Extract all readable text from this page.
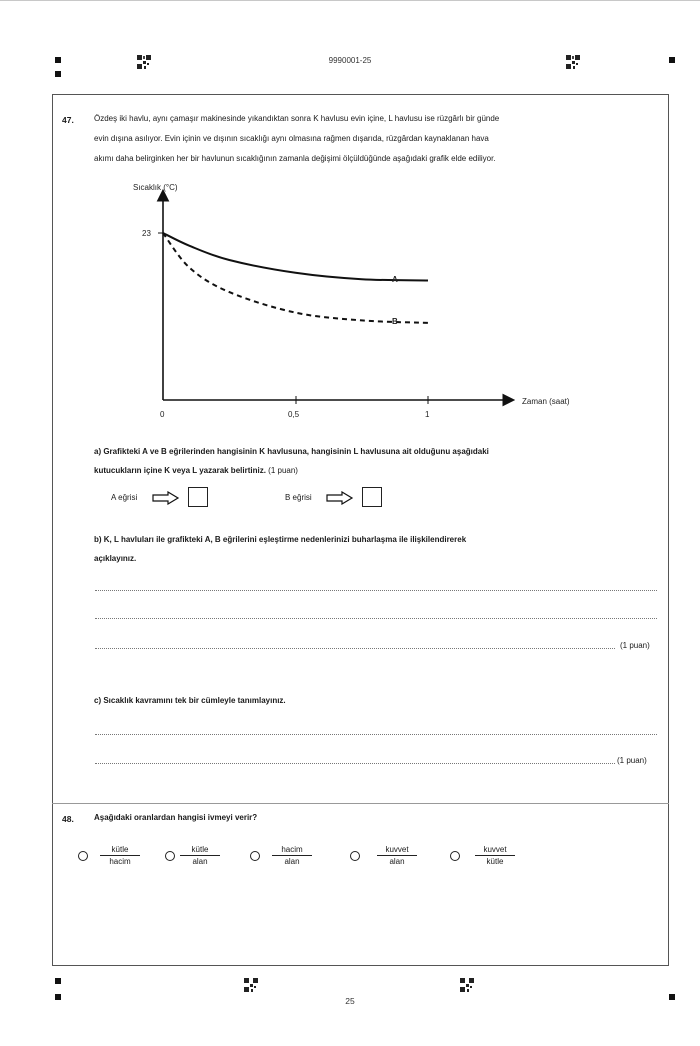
9990001-25
47.	Özdeş iki havlu, aynı çamaşır makinesinde yıkandıktan sonra K havlusu evin içine, L havlusu ise rüzgârlı bir günde
evin dışına asılıyor. Evin içinin ve dışının sıcaklığı aynı olmasına rağmen dışarıda, rüzgârdan kaynaklanan hava
akımı daha belirginken her bir havlunun sıcaklığının zamanla değişimi ölçüldüğünde aşağıdaki grafik elde ediliyor.
Sıcaklık (°C)
Zaman (saat)
23
0	0,5	1
A
B
a) Grafikteki A ve B eğrilerinden hangisinin K havlusuna, hangisinin L havlusuna ait olduğunu aşağıdaki
kutucukların içine K veya L yazarak belirtiniz. (1 puan)
A eğrisi	B eğrisi
b) K, L havluları ile grafikteki A, B eğrilerini eşleştirme nedenlerinizi buharlaşma ile ilişkilendirerek
açıklayınız.
(1 puan)
c) Sıcaklık kavramını tek bir cümleyle tanımlayınız.
(1 puan)
48.	Aşağıdaki oranlardan hangisi ivmeyi verir?
kütle
hacim
kütle
alan
hacim
alan
kuvvet
alan
kuvvet
kütle
25
